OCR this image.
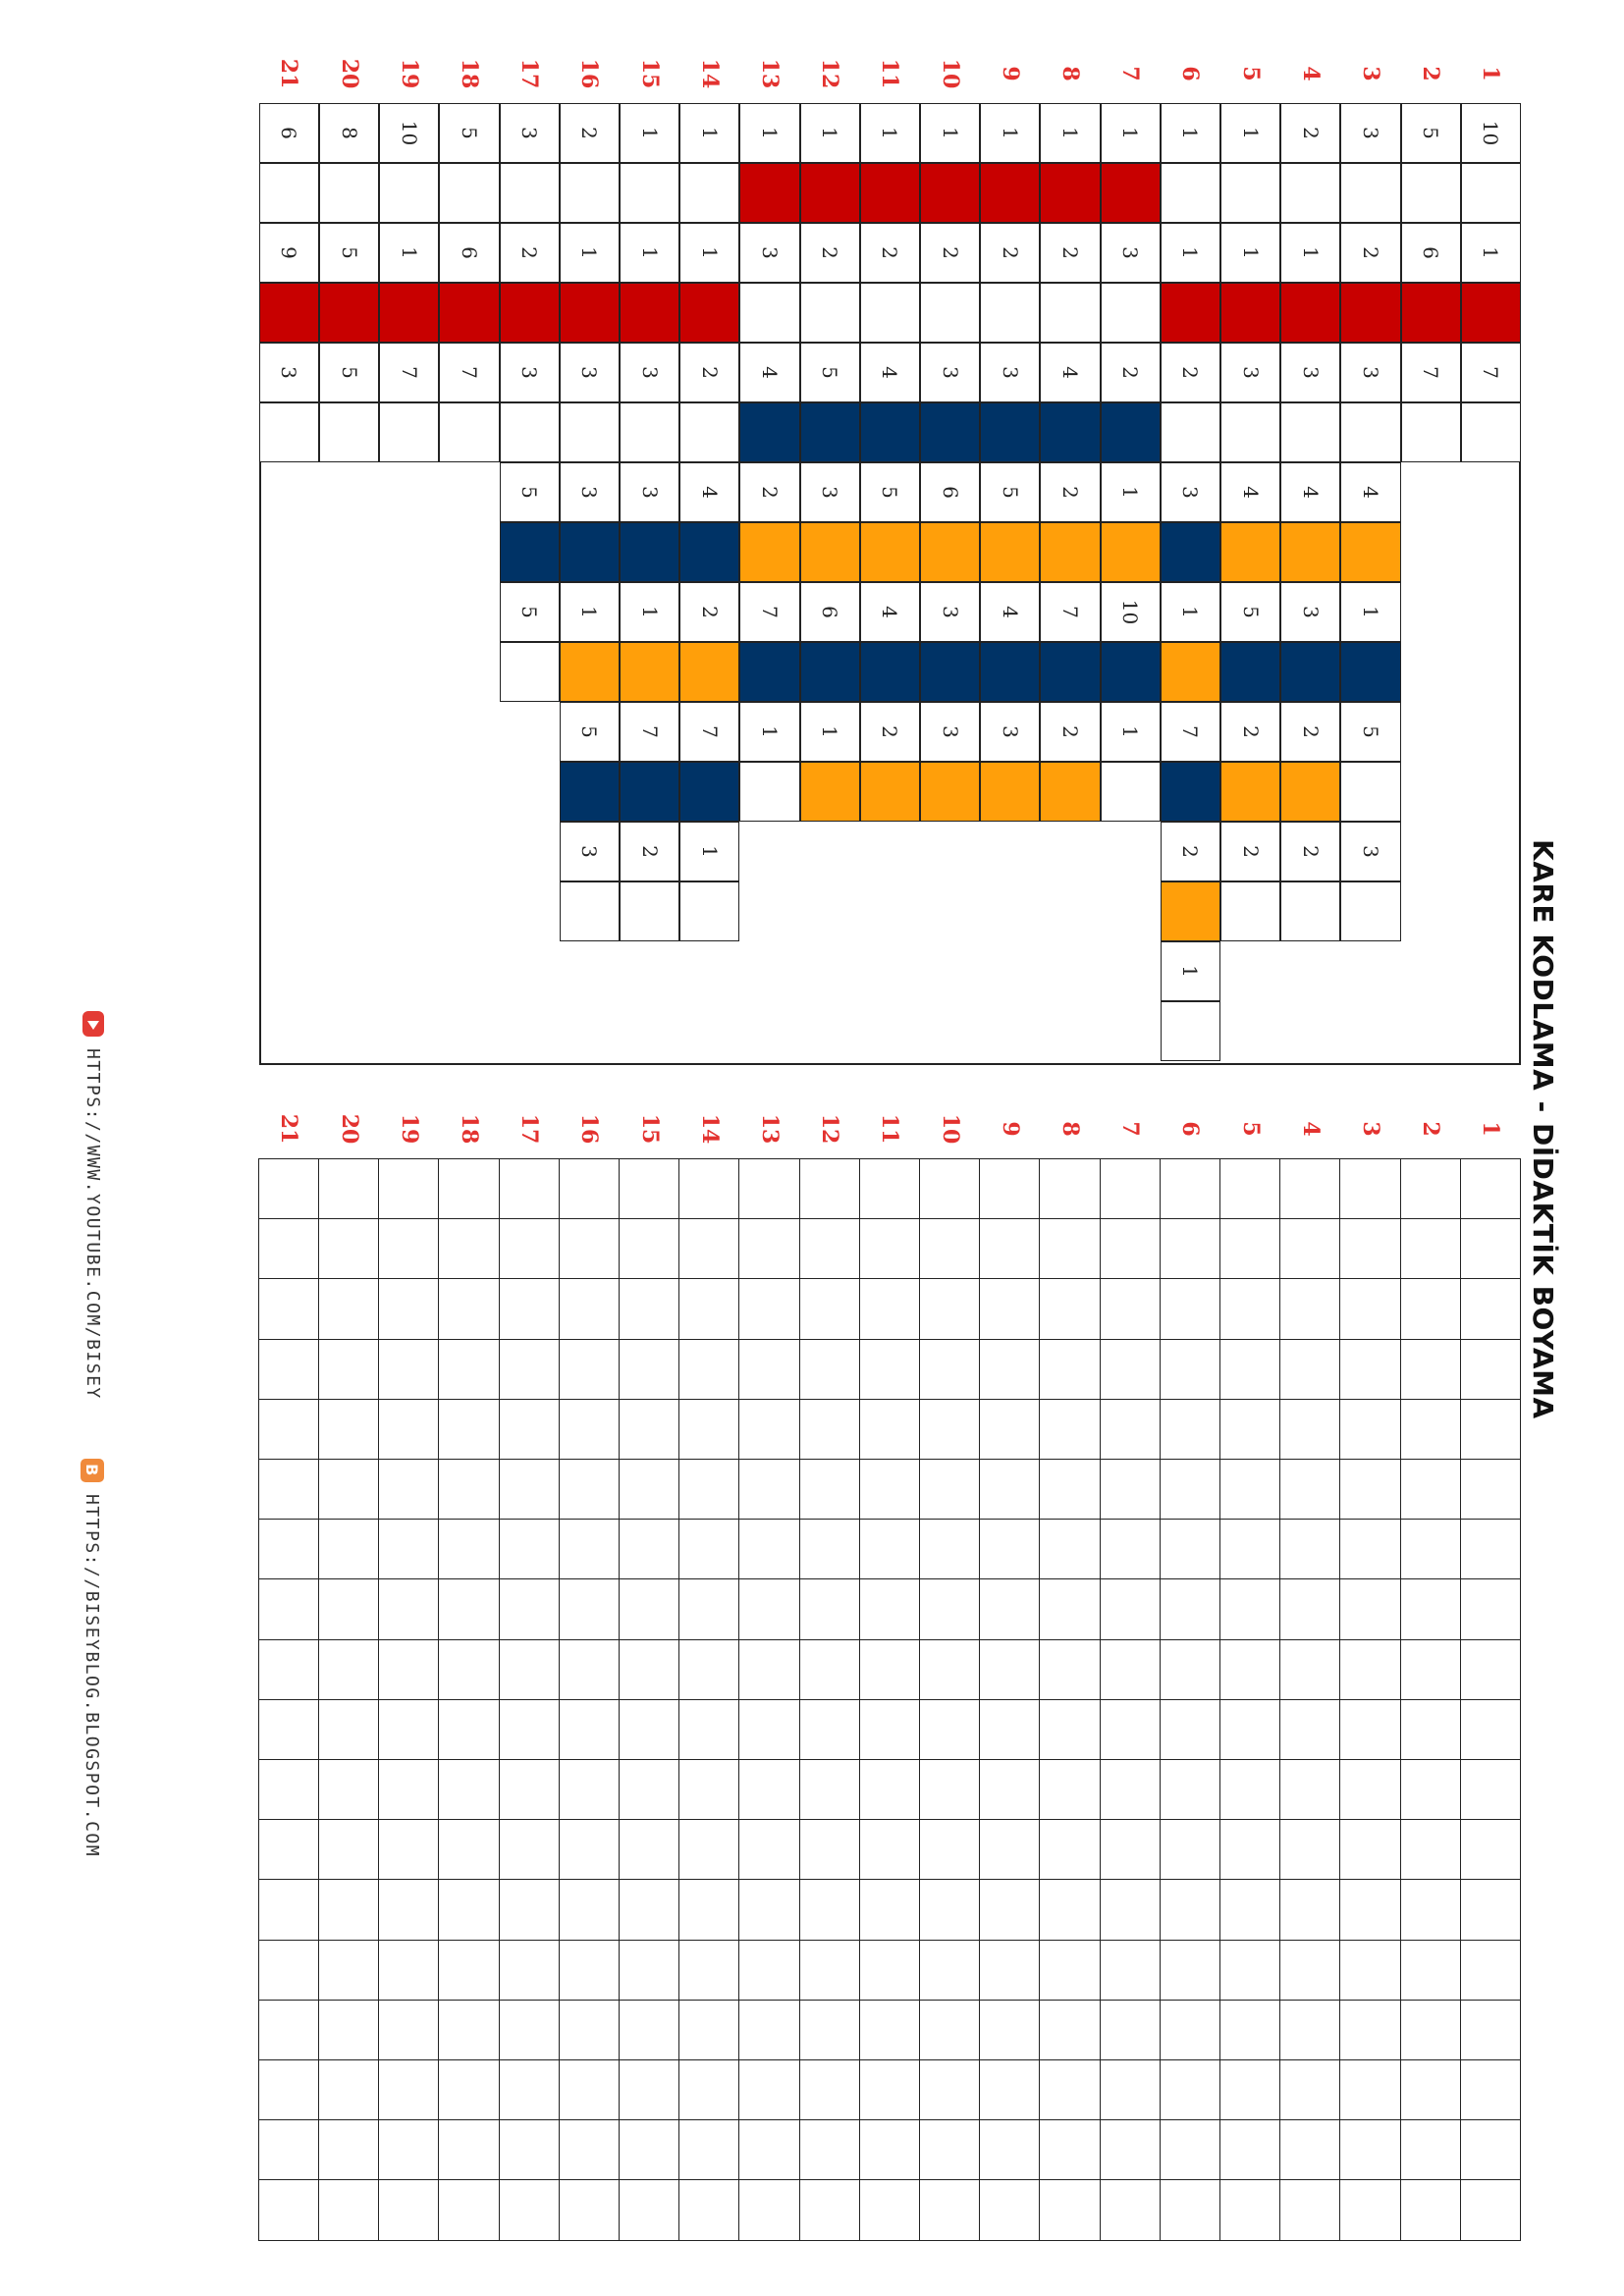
KARE KODLAMA - DİDAKTİK BOYAMA
1
10
1
7
2
5
6
7
3
3
2
3
4
1
5
3
4
2
1
3
4
3
2
2
5
1
1
3
4
5
2
2
6
1
1
2
3
1
7
2
1
7
1
3
2
1
10
1
8
1
2
4
2
7
2
9
1
2
3
5
4
3
10
1
2
3
6
3
3
11
1
2
4
5
4
2
12
1
2
5
3
6
1
13
1
3
4
2
7
1
14
1
1
2
4
2
7
1
15
1
1
3
3
1
7
2
16
2
1
3
3
1
5
3
17
3
2
3
5
5
18
5
6
7
19
10
1
7
20
8
5
5
21
6
9
3
1
2
3
4
5
6
7
8
9
10
11
12
13
14
15
16
17
18
19
20
21
HTTPS://WWW.YOUTUBE.COM/BISEY
B
HTTPS://BISEYBLOG.BLOGSPOT.COM
